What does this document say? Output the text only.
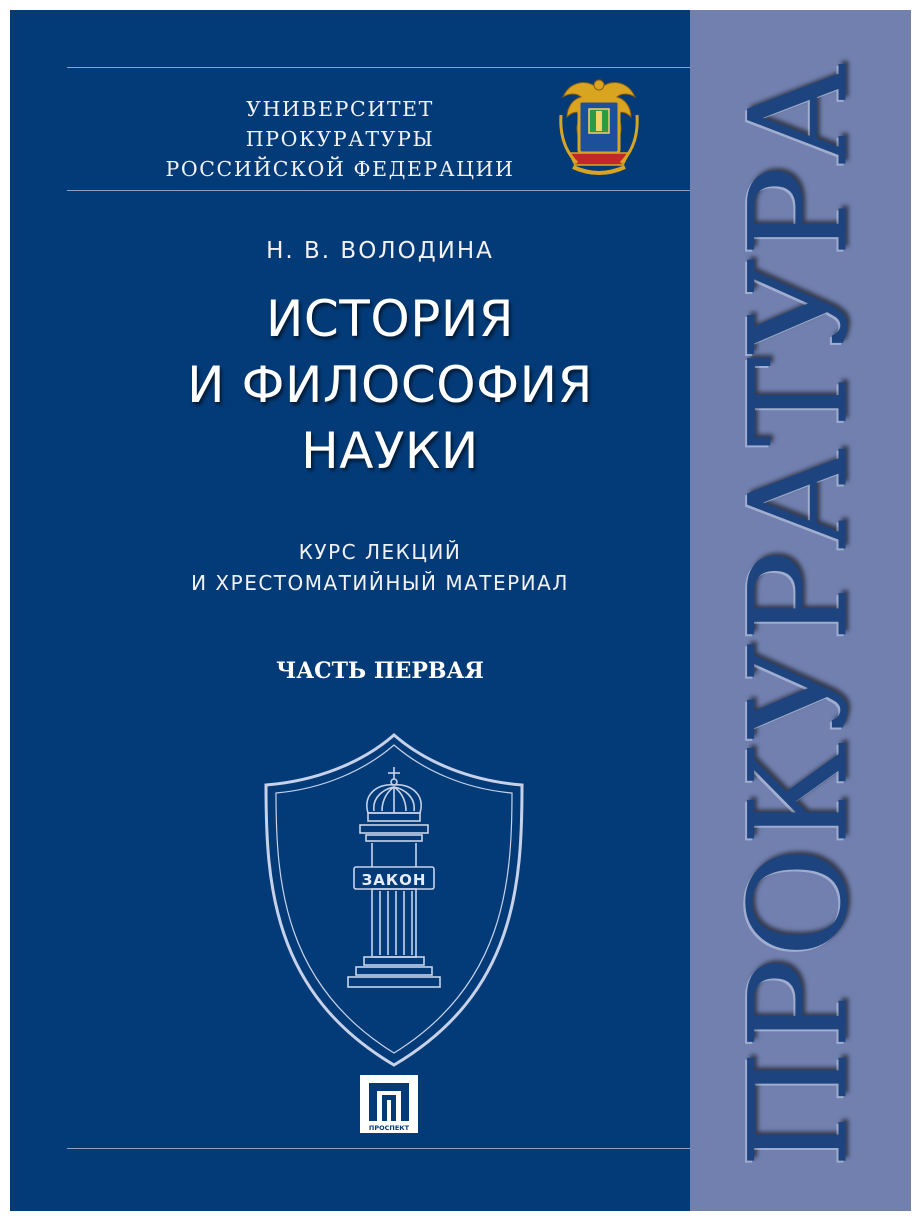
УНИВЕРСИТЕТ ПРОКУРАТУРЫ
РОССИЙСКОЙ ФЕДЕРАЦИИ
Н. В. ВОЛОДИНА
ИСТОРИЯ
И ФИЛОСОФИЯ
НАУКИ
КУРС ЛЕКЦИЙ
И ХРЕСТОМАТИЙНЫЙ МАТЕРИАЛ
ЧАСТЬ ПЕРВАЯ
ЗАКОН
ПРОСПЕКТ ПРОКУРАТУРА
